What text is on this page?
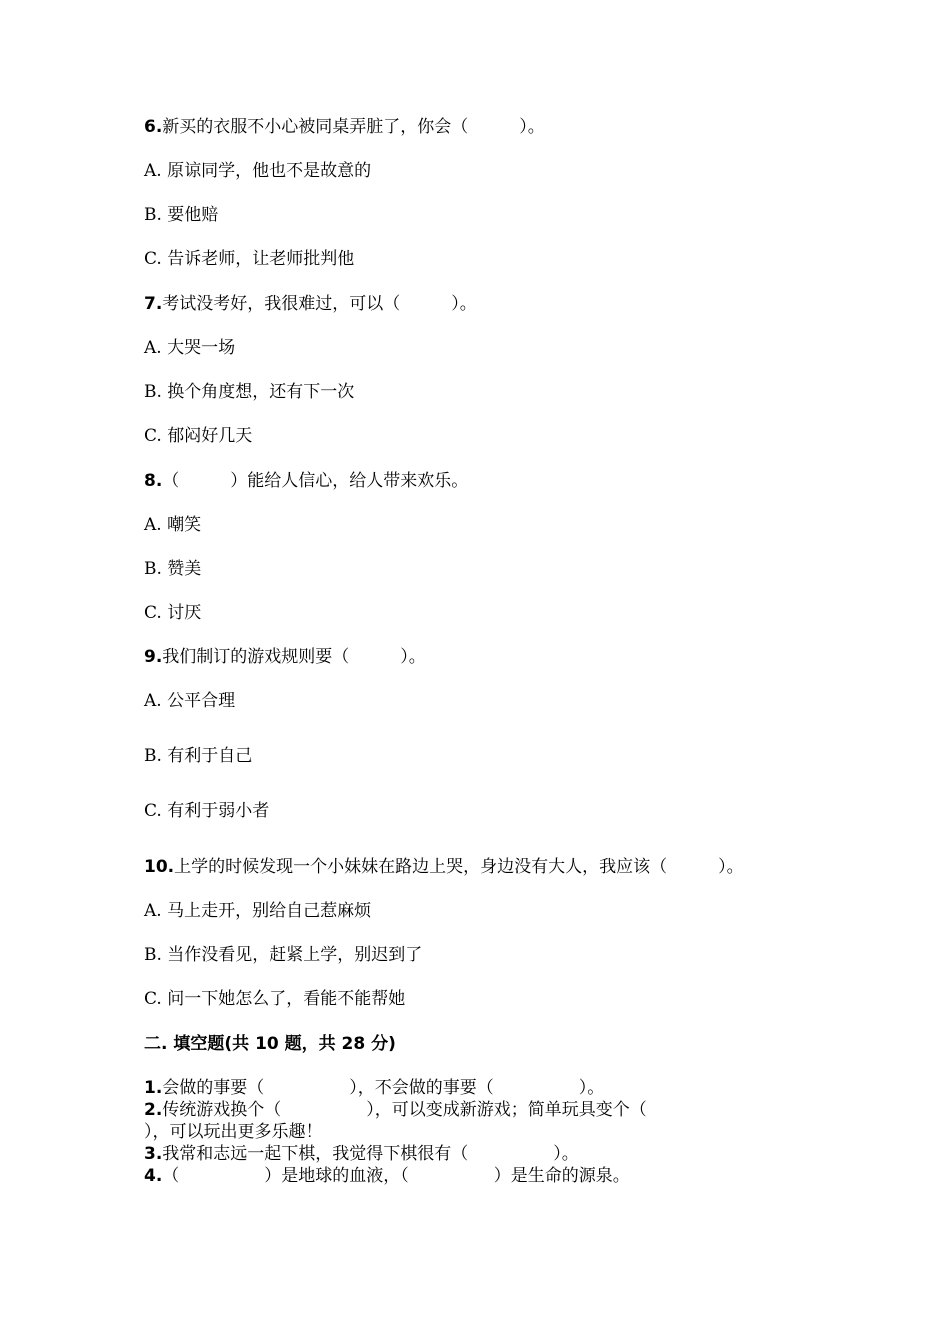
6.新买的衣服不小心被同桌弄脏了，你会（　　　）。
A. 原谅同学，他也不是故意的
B. 要他赔
C. 告诉老师，让老师批判他
7.考试没考好，我很难过，可以（　　　）。
A. 大哭一场
B. 换个角度想，还有下一次
C. 郁闷好几天
8.（　　　）能给人信心，给人带来欢乐。
A. 嘲笑
B. 赞美
C. 讨厌
9.我们制订的游戏规则要（　　　）。
A. 公平合理
B. 有利于自己
C. 有利于弱小者
10.上学的时候发现一个小妹妹在路边上哭，身边没有大人，我应该（　　　）。
A. 马上走开，别给自己惹麻烦
B. 当作没看见，赶紧上学，别迟到了
C. 问一下她怎么了，看能不能帮她
二. 填空题(共 10 题，共 28 分)
1.会做的事要（　　　　　），不会做的事要（　　　　　）。
2.传统游戏换个（　　　　　），可以变成新游戏；简单玩具变个（
），可以玩出更多乐趣！
3.我常和志远一起下棋，我觉得下棋很有（　　　　　）。
4.（　　　　　）是地球的血液，（　　　　　）是生命的源泉。
